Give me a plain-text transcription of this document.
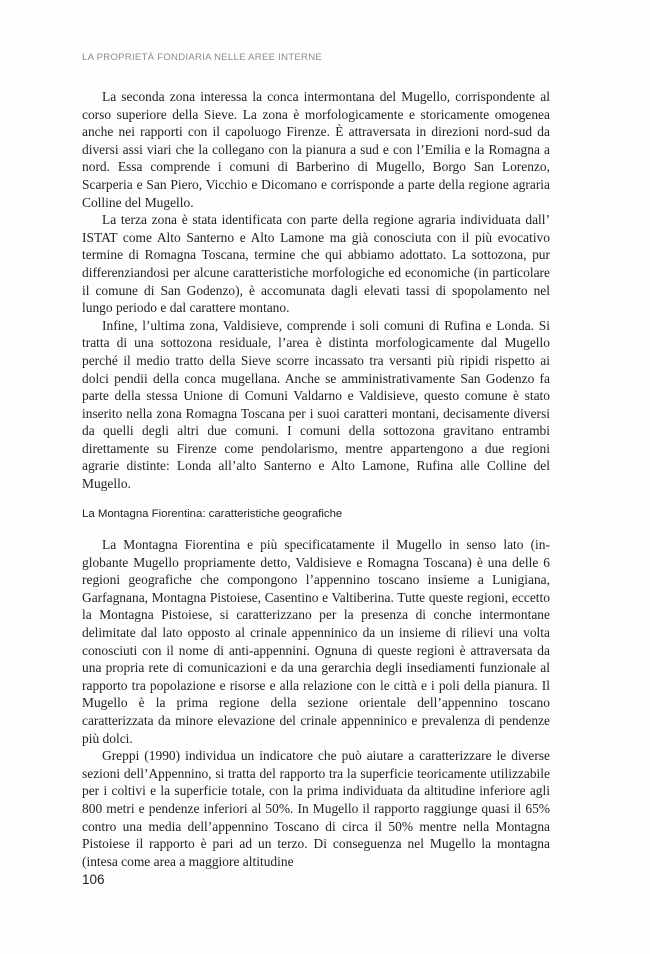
LA PROPRIETÀ FONDIARIA NELLE AREE INTERNE

La seconda zona interessa la conca intermontana del Mugello, corrispondente al corso superiore della Sieve. La zona è morfologicamente e storicamente omogenea anche nei rapporti con il capoluogo Firenze. È attraversata in direzioni nord-sud da diversi assi viari che la collegano con la pianura a sud e con l’Emilia e la Romagna a nord. Essa comprende i comuni di Barberino di Mugello, Borgo San Lorenzo, Scarperia e San Piero, Vicchio e Dicomano e corrisponde a parte della regione agraria Colline del Mugello.

La terza zona è stata identificata con parte della regione agraria individuata dall’ ISTAT come Alto Santerno e Alto Lamone ma già conosciuta con il più evocativo termine di Romagna Toscana, termine che qui abbiamo adottato. La sottozona, pur differenziandosi per alcune caratteristiche morfologiche ed economiche (in particolare il comune di San Godenzo), è accomunata dagli elevati tassi di spopolamento nel lungo periodo e dal carattere montano.

Infine, l’ultima zona, Valdisieve, comprende i soli comuni di Rufina e Londa. Si tratta di una sottozona residuale, l’area è distinta morfologicamente dal Mugello perché il medio tratto della Sieve scorre incassato tra versanti più ripidi rispetto ai dolci pendii della conca mugellana. Anche se amministrativamente San Godenzo fa parte della stessa Unione di Comuni Valdarno e Valdisieve, questo comune è stato inserito nella zona Romagna Toscana per i suoi caratteri montani, decisamente diversi da quelli degli altri due comuni. I comuni della sottozona gravitano entrambi direttamente su Firenze come pendolarismo, mentre appartengono a due regioni agrarie distinte: Londa all’alto Santerno e Alto Lamone, Rufina alle Colline del Mugello.

La Montagna Fiorentina: caratteristiche geografiche

La Montagna Fiorentina e più specificatamente il Mugello in senso lato (inglobante Mugello propriamente detto, Valdisieve e Romagna Toscana) è una delle 6 regioni geografiche che compongono l’appennino toscano insieme a Lunigiana, Garfagnana, Montagna Pistoiese, Casentino e Valtiberina. Tutte queste regioni, eccetto la Montagna Pistoiese, si caratterizzano per la presenza di conche intermontane delimitate dal lato opposto al crinale appenninico da un insieme di rilievi una volta conosciuti con il nome di anti-appennini. Ognuna di queste regioni è attraversata da una propria rete di comunicazioni e da una gerarchia degli insediamenti funzionale al rapporto tra popolazione e risorse e alla relazione con le città e i poli della pianura. Il Mugello è la prima regione della sezione orientale dell’appennino toscano caratterizzata da minore elevazione del crinale appenninico e prevalenza di pendenze più dolci.

Greppi (1990) individua un indicatore che può aiutare a caratterizzare le diverse sezioni dell’Appennino, si tratta del rapporto tra la superficie teoricamente utilizzabile per i coltivi e la superficie totale, con la prima individuata da altitudine inferiore agli 800 metri e pendenze inferiori al 50%. In Mugello il rapporto raggiunge quasi il 65% contro una media dell’appennino Toscano di circa il 50% mentre nella Montagna Pistoiese il rapporto è pari ad un terzo. Di conseguenza nel Mugello la montagna (intesa come area a maggiore altitudine

106
